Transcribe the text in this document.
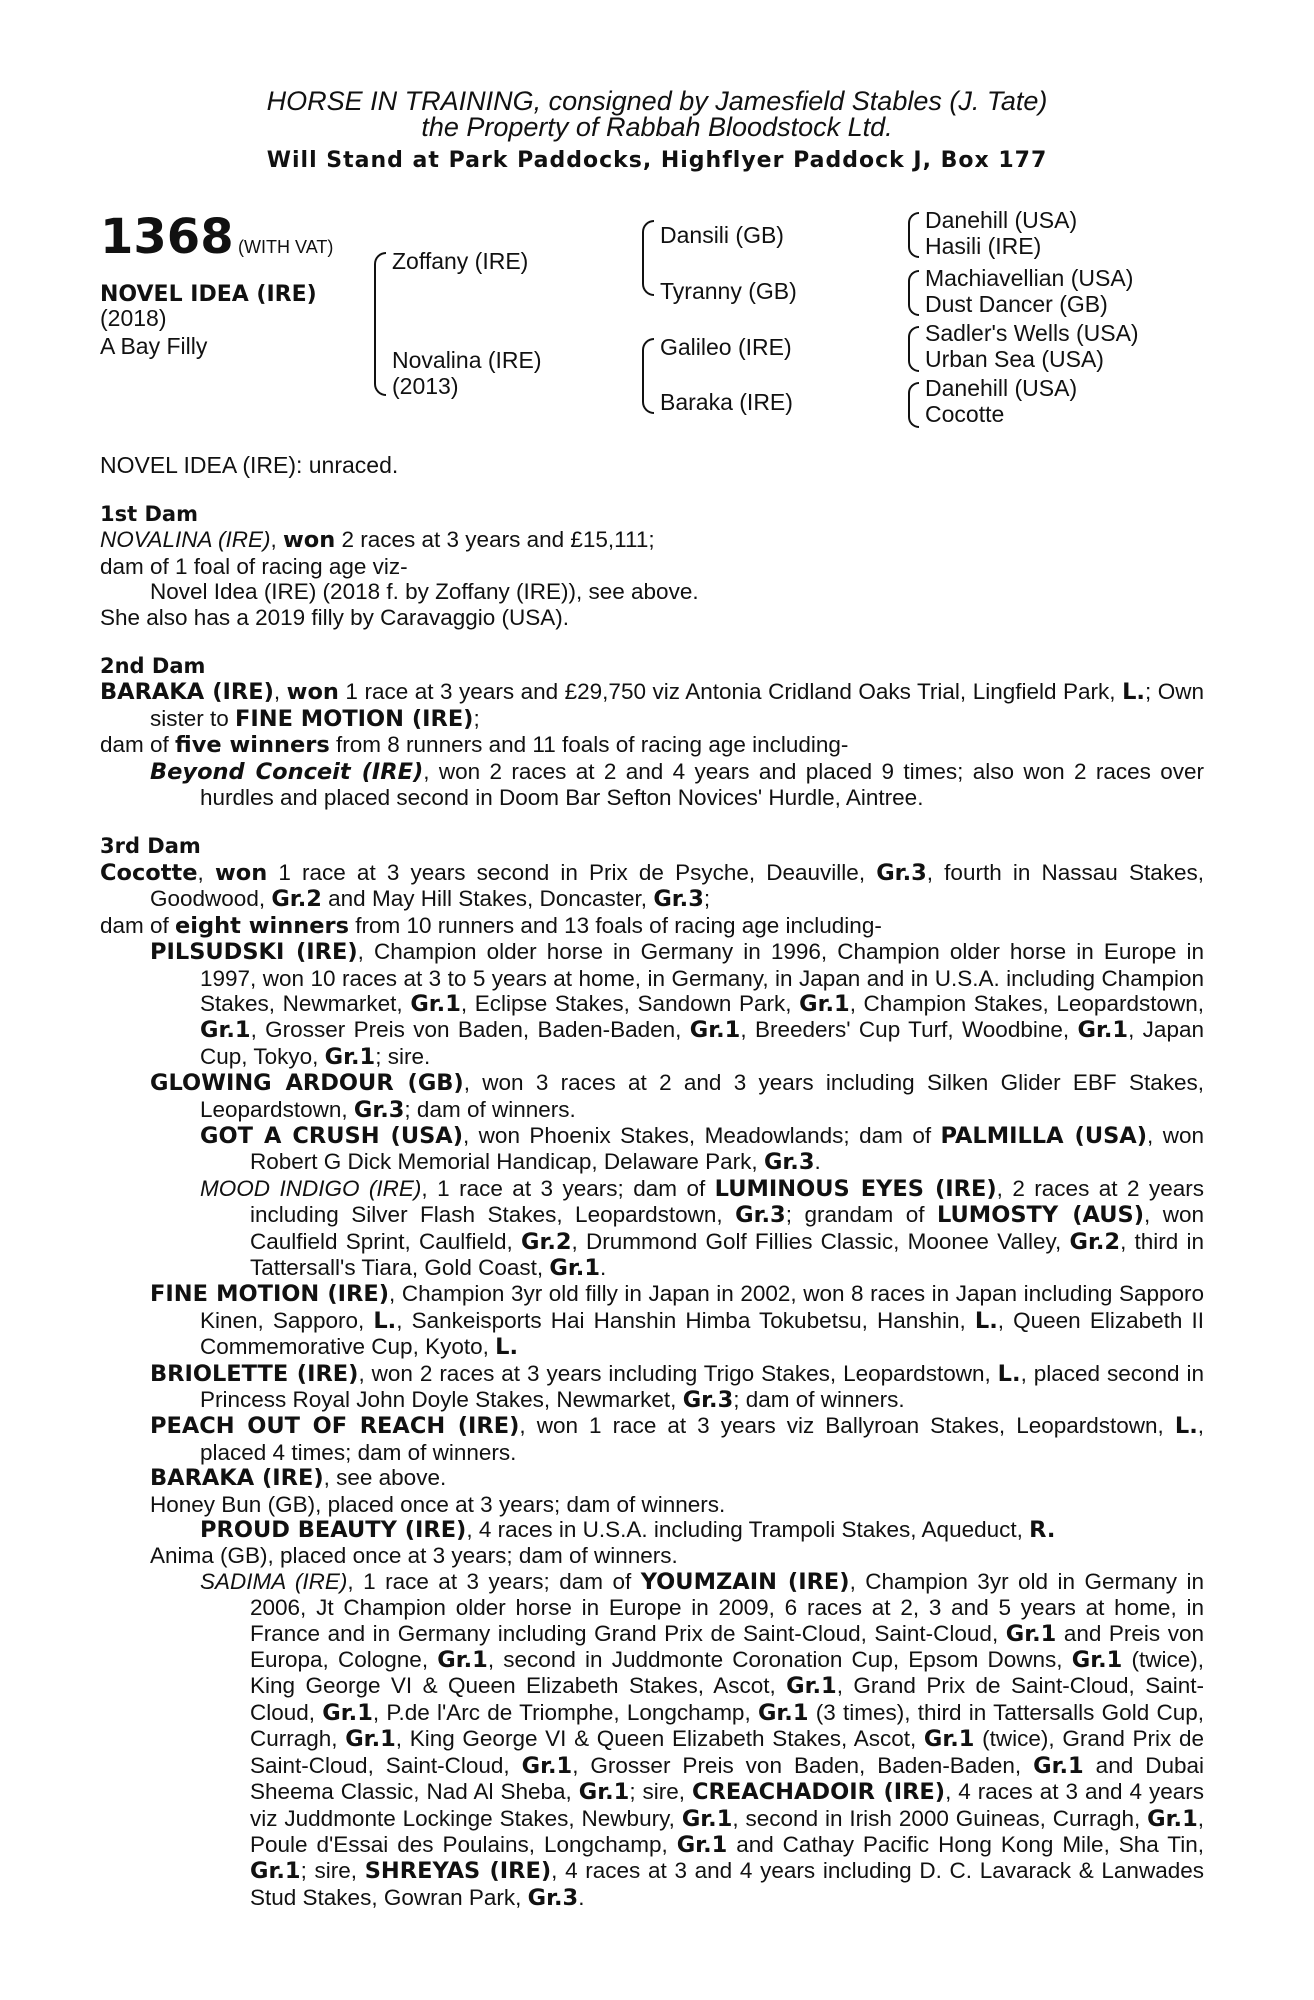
HORSE IN TRAINING, consigned by Jamesfield Stables (J. Tate)
the Property of Rabbah Bloodstock Ltd.
Will Stand at Park Paddocks, Highflyer Paddock J, Box 177
1368 (WITH VAT)
NOVEL IDEA (IRE)
(2018)
A Bay Filly
Zoffany (IRE)
Novalina (IRE)
(2013)
Dansili (GB)
Tyranny (GB)
Galileo (IRE)
Baraka (IRE)
Danehill (USA)
Hasili (IRE)
Machiavellian (USA)
Dust Dancer (GB)
Sadler's Wells (USA)
Urban Sea (USA)
Danehill (USA)
Cocotte
NOVEL IDEA (IRE): unraced.

1st Dam

NOVALINA (IRE), won 2 races at 3 years and £15,111;

dam of 1 foal of racing age viz-

Novel Idea (IRE) (2018 f. by Zoffany (IRE)), see above.

She also has a 2019 filly by Caravaggio (USA).

2nd Dam

BARAKA (IRE), won 1 race at 3 years and £29,750 viz Antonia Cridland Oaks Trial, Lingfield Park, L.; Own sister to FINE MOTION (IRE);

dam of five winners from 8 runners and 11 foals of racing age including-

Beyond Conceit (IRE), won 2 races at 2 and 4 years and placed 9 times; also won 2 races over hurdles and placed second in Doom Bar Sefton Novices' Hurdle, Aintree.

3rd Dam

Cocotte, won 1 race at 3 years second in Prix de Psyche, Deauville, Gr.3, fourth in Nassau Stakes, Goodwood, Gr.2 and May Hill Stakes, Doncaster, Gr.3;

dam of eight winners from 10 runners and 13 foals of racing age including-

PILSUDSKI (IRE), Champion older horse in Germany in 1996, Champion older horse in Europe in 1997, won 10 races at 3 to 5 years at home, in Germany, in Japan and in U.S.A. including Champion Stakes, Newmarket, Gr.1, Eclipse Stakes, Sandown Park, Gr.1, Champion Stakes, Leopardstown, Gr.1, Grosser Preis von Baden, Baden-Baden, Gr.1, Breeders' Cup Turf, Woodbine, Gr.1, Japan Cup, Tokyo, Gr.1; sire.

GLOWING ARDOUR (GB), won 3 races at 2 and 3 years including Silken Glider EBF Stakes, Leopardstown, Gr.3; dam of winners.

GOT A CRUSH (USA), won Phoenix Stakes, Meadowlands; dam of PALMILLA (USA), won Robert G Dick Memorial Handicap, Delaware Park, Gr.3.

MOOD INDIGO (IRE), 1 race at 3 years; dam of LUMINOUS EYES (IRE), 2 races at 2 years including Silver Flash Stakes, Leopardstown, Gr.3; grandam of LUMOSTY (AUS), won Caulfield Sprint, Caulfield, Gr.2, Drummond Golf Fillies Classic, Moonee Valley, Gr.2, third in Tattersall's Tiara, Gold Coast, Gr.1.

FINE MOTION (IRE), Champion 3yr old filly in Japan in 2002, won 8 races in Japan including Sapporo Kinen, Sapporo, L., Sankeisports Hai Hanshin Himba Tokubetsu, Hanshin, L., Queen Elizabeth II Commemorative Cup, Kyoto, L.

BRIOLETTE (IRE), won 2 races at 3 years including Trigo Stakes, Leopardstown, L., placed second in Princess Royal John Doyle Stakes, Newmarket, Gr.3; dam of winners.

PEACH OUT OF REACH (IRE), won 1 race at 3 years viz Ballyroan Stakes, Leopardstown, L., placed 4 times; dam of winners.

BARAKA (IRE), see above.

Honey Bun (GB), placed once at 3 years; dam of winners.

PROUD BEAUTY (IRE), 4 races in U.S.A. including Trampoli Stakes, Aqueduct, R.

Anima (GB), placed once at 3 years; dam of winners.

SADIMA (IRE), 1 race at 3 years; dam of YOUMZAIN (IRE), Champion 3yr old in Germany in 2006, Jt Champion older horse in Europe in 2009, 6 races at 2, 3 and 5 years at home, in France and in Germany including Grand Prix de Saint-Cloud, Saint-Cloud, Gr.1 and Preis von Europa, Cologne, Gr.1, second in Juddmonte Coronation Cup, Epsom Downs, Gr.1 (twice), King George VI & Queen Elizabeth Stakes, Ascot, Gr.1, Grand Prix de Saint-Cloud, Saint-Cloud, Gr.1, P.de l'Arc de Triomphe, Longchamp, Gr.1 (3 times), third in Tattersalls Gold Cup, Curragh, Gr.1, King George VI & Queen Elizabeth Stakes, Ascot, Gr.1 (twice), Grand Prix de Saint-Cloud, Saint-Cloud, Gr.1, Grosser Preis von Baden, Baden-Baden, Gr.1 and Dubai Sheema Classic, Nad Al Sheba, Gr.1; sire, CREACHADOIR (IRE), 4 races at 3 and 4 years viz Juddmonte Lockinge Stakes, Newbury, Gr.1, second in Irish 2000 Guineas, Curragh, Gr.1, Poule d'Essai des Poulains, Longchamp, Gr.1 and Cathay Pacific Hong Kong Mile, Sha Tin, Gr.1; sire, SHREYAS (IRE), 4 races at 3 and 4 years including D. C. Lavarack & Lanwades Stud Stakes, Gowran Park, Gr.3.
